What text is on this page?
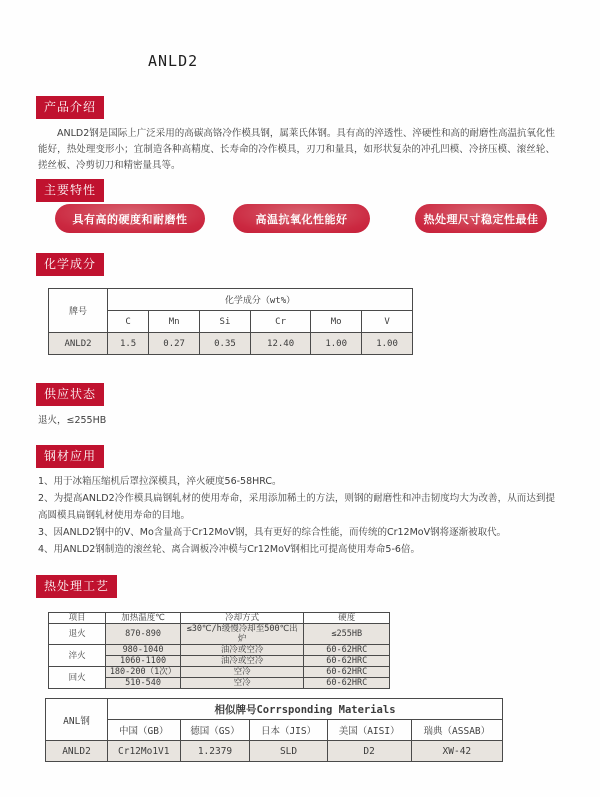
ANLD2
产品介绍

ANLD2钢是国际上广泛采用的高碳高铬冷作模具钢，属莱氏体钢。具有高的淬透性、淬硬性和高的耐磨性高温抗氧化性能好，热处理变形小；宜制造各种高精度、长寿命的冷作模具，刃刀和量具，如形状复杂的冲孔凹模、冷挤压模、滚丝轮、搓丝板、冷剪切刀和精密量具等。

主要特性
具有高的硬度和耐磨性	高温抗氧化性能好	热处理尺寸稳定性最佳
化学成分
牌号	化学成分（wt%）					
	C	Mn	Si	Cr	Mo	V
ANLD2	1.5	0.27	0.35	12.40	1.00	1.00
供应状态

退火，≤255HB

钢材应用
1、用于冰箱压缩机后罩拉深模具，淬火硬度56-58HRC。
2、为提高ANLD2冷作模具扁钢轧材的使用寿命，采用添加稀土的方法，则钢的耐磨性和冲击韧度均大为改善，从而达到提高圆模具扁钢轧材使用寿命的目地。
3、因ANLD2钢中的V、Mo含量高于Cr12MoV钢，具有更好的综合性能，而传统的Cr12MoV钢将逐渐被取代。
4、用ANLD2钢制造的滚丝轮、离合调板冷冲模与Cr12MoV钢相比可提高使用寿命5-6倍。
热处理工艺
项目	加热温度℃	冷却方式	硬度
退火	870-890	≤30℃/h缓慢冷却至500℃出炉	≤255HB
淬火	980-1040	油冷或空冷	60-62HRC
	1060-1100	油冷或空冷	60-62HRC
回火	180-200（1次）	空冷	60-62HRC
	510-540	空冷	60-62HRC
ANL钢	相似牌号Corrsponding Materials				
	中国（GB）	德国（GS）	日本（JIS）	美国（AISI）	瑞典（ASSAB）
ANLD2	Cr12Mo1V1	1.2379	SLD	D2	XW-42
